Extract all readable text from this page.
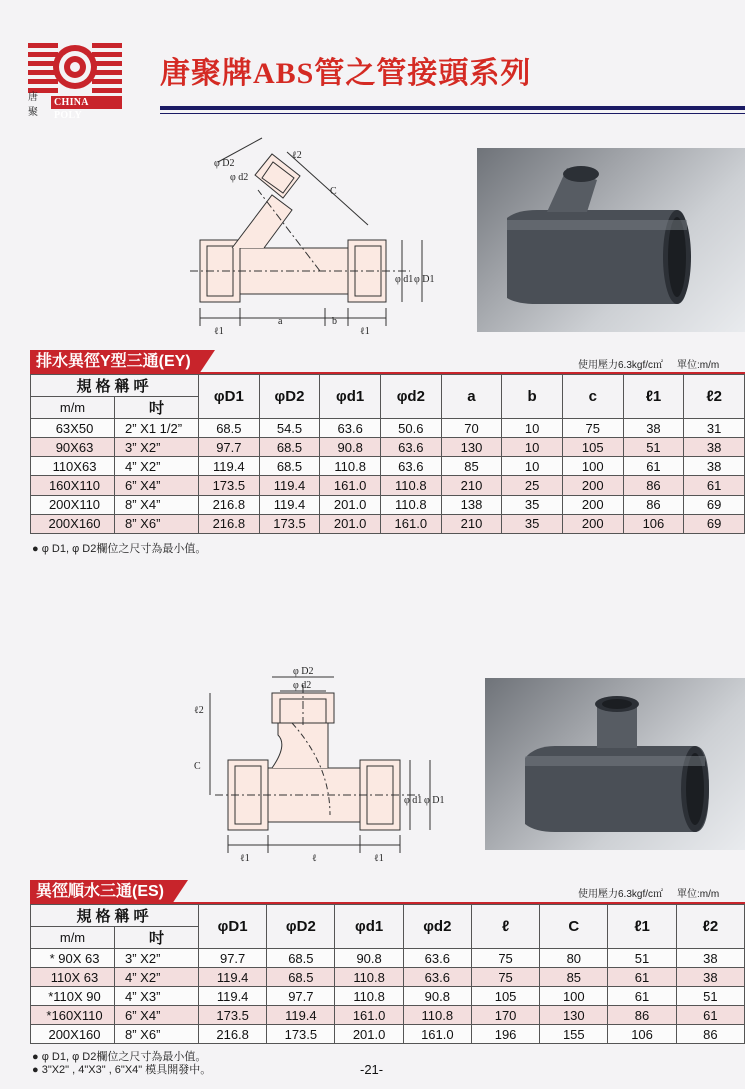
唐聚
CHINA POLY
唐聚牌ABS管之管接頭系列
φ D2
φ d2
ℓ2
C
φ d1 φ D1
ℓ1
a	b
ℓ1
排水異徑Y型三通(EY)	使用壓力6.3kgf/c㎡ 單位:m/m
規格稱呼		φD1	φD2	φd1	φd2	a	b	c	ℓ1	ℓ2
m/m	吋									
63X50	2” X1 1/2”	68.5	54.5	63.6	50.6	70	10	75	38	31
90X63	3” X2”	97.7	68.5	90.8	63.6	130	10	105	51	38
110X63	4” X2”	119.4	68.5	110.8	63.6	85	10	100	61	38
160X110	6” X4”	173.5	119.4	161.0	110.8	210	25	200	86	61
200X110	8” X4”	216.8	119.4	201.0	110.8	138	35	200	86	69
200X160	8” X6”	216.8	173.5	201.0	161.0	210	35	200	106	69
● φ D1, φ D2欄位之尺寸為最小值。
φ D2
φ d2
ℓ2
C
φ d1 φ D1
ℓ1	ℓ	ℓ1
異徑順水三通(ES)	使用壓力6.3kgf/c㎡ 單位:m/m
規格稱呼		φD1	φD2	φd1	φd2	ℓ	C	ℓ1	ℓ2
m/m	吋								
* 90X 63	3” X2”	97.7	68.5	90.8	63.6	75	80	51	38
110X 63	4” X2”	119.4	68.5	110.8	63.6	75	85	61	38
*110X 90	4” X3”	119.4	97.7	110.8	90.8	105	100	61	51
*160X110	6” X4”	173.5	119.4	161.0	110.8	170	130	86	61
200X160	8” X6”	216.8	173.5	201.0	161.0	196	155	106	86
● φ D1, φ D2欄位之尺寸為最小值。
● 3"X2" , 4"X3" , 6"X4" 模具開發中。	-21-
